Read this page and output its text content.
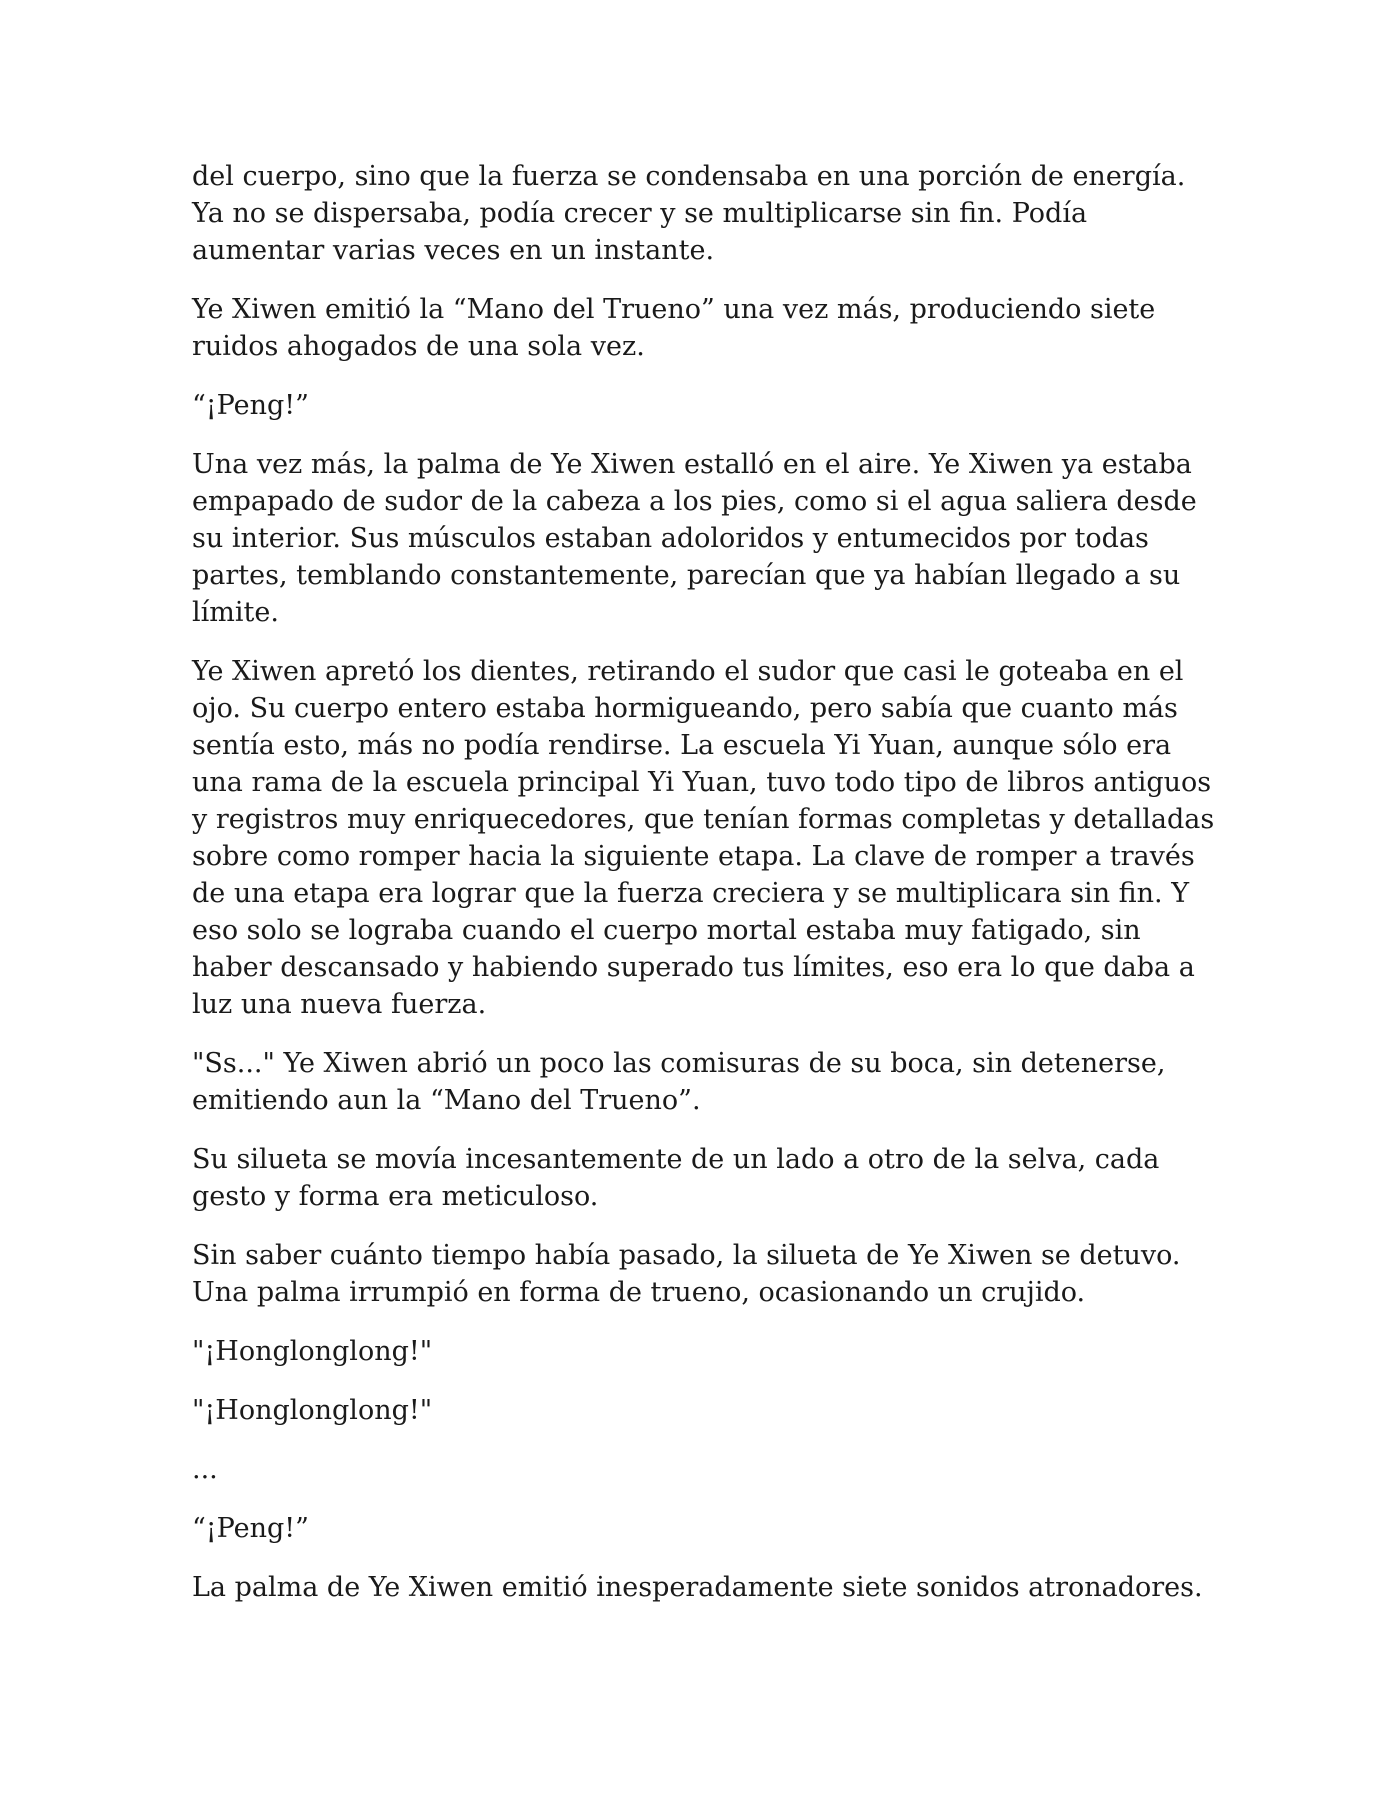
del cuerpo, sino que la fuerza se condensaba en una porción de energía. Ya no se dispersaba, podía crecer y se multiplicarse sin fin. Podía aumentar varias veces en un instante.

Ye Xiwen emitió la “Mano del Trueno” una vez más, produciendo siete ruidos ahogados de una sola vez.

“¡Peng!”

Una vez más, la palma de Ye Xiwen estalló en el aire. Ye Xiwen ya estaba empapado de sudor de la cabeza a los pies, como si el agua saliera desde su interior. Sus músculos estaban adoloridos y entumecidos por todas partes, temblando constantemente, parecían que ya habían llegado a su límite.

Ye Xiwen apretó los dientes, retirando el sudor que casi le goteaba en el ojo. Su cuerpo entero estaba hormigueando, pero sabía que cuanto más sentía esto, más no podía rendirse. La escuela Yi Yuan, aunque sólo era una rama de la escuela principal Yi Yuan, tuvo todo tipo de libros antiguos y registros muy enriquecedores, que tenían formas completas y detalladas sobre como romper hacia la siguiente etapa. La clave de romper a través de una etapa era lograr que la fuerza creciera y se multiplicara sin fin. Y eso solo se lograba cuando el cuerpo mortal estaba muy fatigado, sin haber descansado y habiendo superado tus límites, eso era lo que daba a luz una nueva fuerza.

"Ss..." Ye Xiwen abrió un poco las comisuras de su boca, sin detenerse, emitiendo aun la “Mano del Trueno”.

Su silueta se movía incesantemente de un lado a otro de la selva, cada gesto y forma era meticuloso.

Sin saber cuánto tiempo había pasado, la silueta de Ye Xiwen se detuvo. Una palma irrumpió en forma de trueno, ocasionando un crujido.

"¡Honglonglong!"

"¡Honglonglong!"

...

“¡Peng!”

La palma de Ye Xiwen emitió inesperadamente siete sonidos atronadores.
